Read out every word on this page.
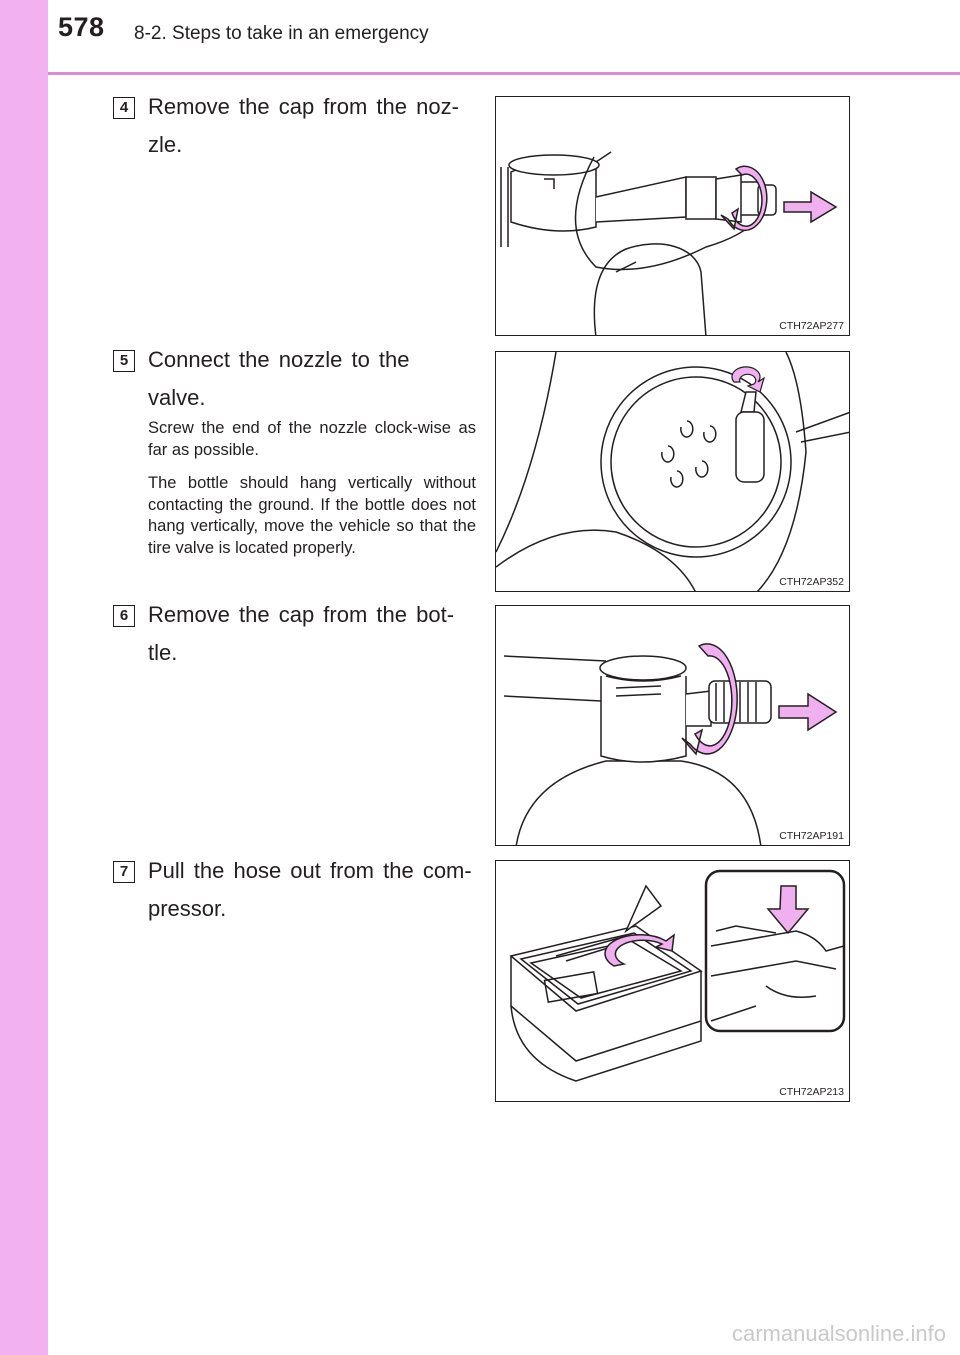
578 8-2. Steps to take in an emergency
4 Remove the cap from the noz-
zle.
CTH72AP277
5 Connect the nozzle to the
valve.

Screw the end of the nozzle clock-wise as far as possible.

The bottle should hang vertically without contacting the ground. If the bottle does not hang vertically, move the vehicle so that the tire valve is located properly.

CTH72AP352
6 Remove the cap from the bot-
tle.
CTH72AP191
7 Pull the hose out from the com-
pressor.
CTH72AP213
carmanualsonline.info
